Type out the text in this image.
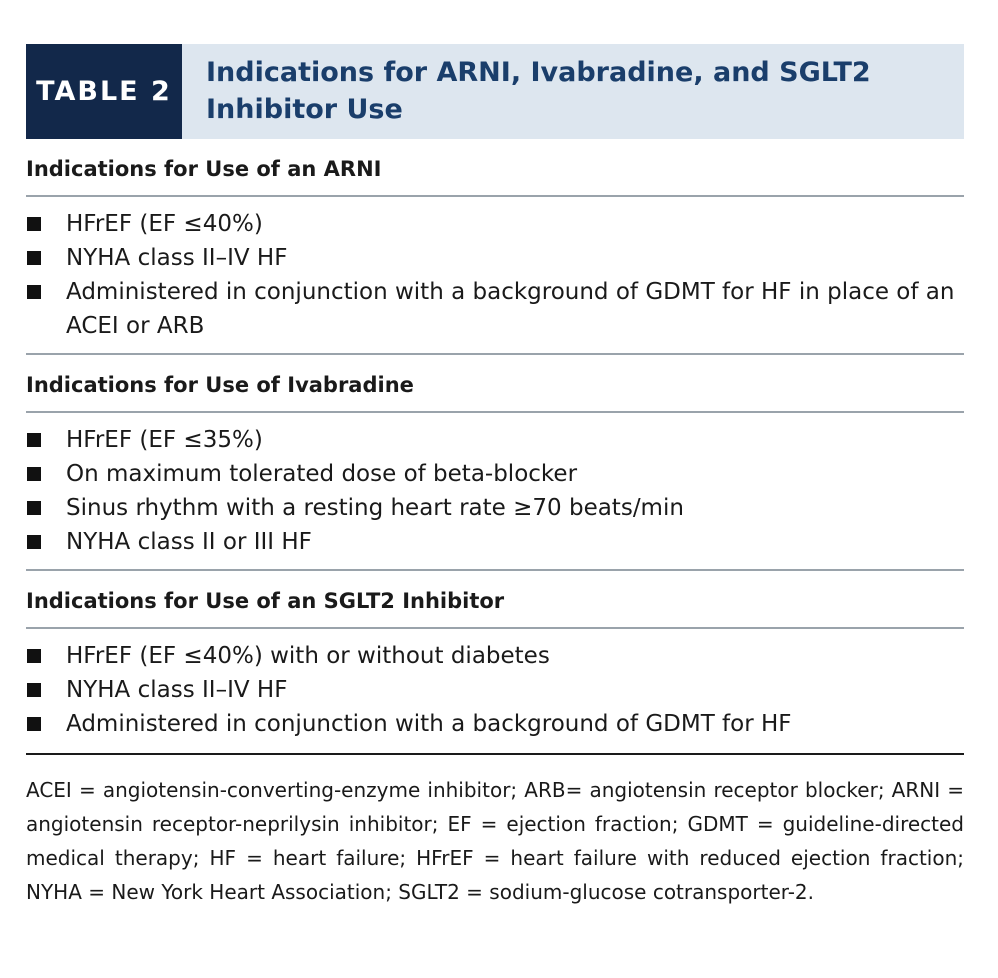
TABLE 2
Indications for ARNI, Ivabradine, and SGLT2 Inhibitor Use
Indications for Use of an ARNI
HFrEF (EF ≤40%)
NYHA class II–IV HF
Administered in conjunction with a background of GDMT for HF in place of an ACEI or ARB
Indications for Use of Ivabradine
HFrEF (EF ≤35%)
On maximum tolerated dose of beta-blocker
Sinus rhythm with a resting heart rate ≥70 beats/min
NYHA class II or III HF
Indications for Use of an SGLT2 Inhibitor
HFrEF (EF ≤40%) with or without diabetes
NYHA class II–IV HF
Administered in conjunction with a background of GDMT for HF
ACEI = angiotensin-converting-enzyme inhibitor; ARB= angiotensin receptor blocker; ARNI = angiotensin receptor-neprilysin inhibitor; EF = ejection fraction; GDMT = guideline-directed medical therapy; HF = heart failure; HFrEF = heart failure with reduced ejection fraction; NYHA = New York Heart Association; SGLT2 = sodium-glucose cotransporter-2.
